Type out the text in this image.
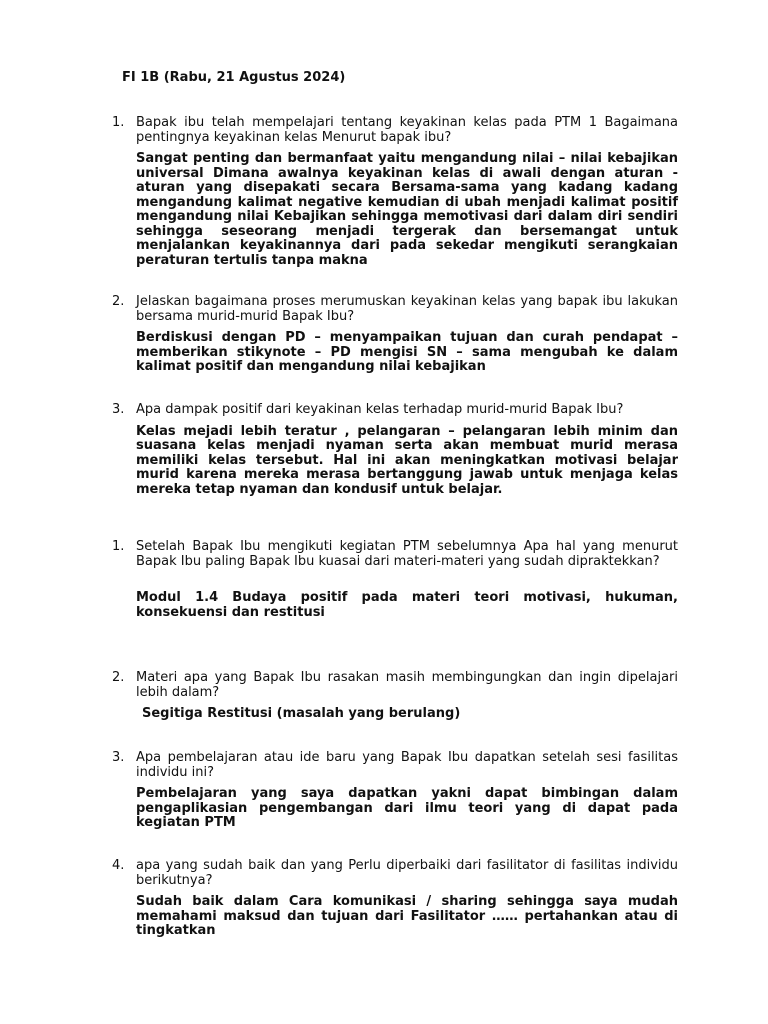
FI 1B (Rabu, 21 Agustus 2024)
1. Bapak ibu telah mempelajari tentang keyakinan kelas pada PTM 1 Bagaimana pentingnya keyakinan kelas Menurut bapak ibu?
Sangat penting dan bermanfaat yaitu mengandung nilai – nilai kebajikan universal Dimana awalnya keyakinan kelas di awali dengan aturan - aturan yang disepakati secara Bersama-sama yang kadang kadang mengandung kalimat negative kemudian di ubah menjadi kalimat positif mengandung nilai Kebajikan sehingga memotivasi dari dalam diri sendiri sehingga seseorang menjadi tergerak dan bersemangat untuk menjalankan keyakinannya dari pada sekedar mengikuti serangkaian peraturan tertulis tanpa makna
2. Jelaskan bagaimana proses merumuskan keyakinan kelas yang bapak ibu lakukan bersama murid-murid Bapak Ibu?
Berdiskusi dengan PD – menyampaikan tujuan dan curah pendapat – memberikan stikynote – PD mengisi SN – sama mengubah ke dalam kalimat positif dan mengandung nilai kebajikan
3. Apa dampak positif dari keyakinan kelas terhadap murid-murid Bapak Ibu?
Kelas mejadi lebih teratur , pelangaran – pelangaran lebih minim dan suasana kelas menjadi nyaman serta akan membuat murid merasa memiliki kelas tersebut. Hal ini akan meningkatkan motivasi belajar murid karena mereka merasa bertanggung jawab untuk menjaga kelas mereka tetap nyaman dan kondusif untuk belajar.
1. Setelah Bapak Ibu mengikuti kegiatan PTM sebelumnya Apa hal yang menurut Bapak Ibu paling Bapak Ibu kuasai dari materi-materi yang sudah dipraktekkan?
Modul 1.4 Budaya positif pada materi teori motivasi, hukuman, konsekuensi dan restitusi
2. Materi apa yang Bapak Ibu rasakan masih membingungkan dan ingin dipelajari lebih dalam?
Segitiga Restitusi (masalah yang berulang)
3. Apa pembelajaran atau ide baru yang Bapak Ibu dapatkan setelah sesi fasilitas individu ini?
Pembelajaran yang saya dapatkan yakni dapat bimbingan dalam pengaplikasian pengembangan dari ilmu teori yang di dapat pada kegiatan PTM
4. apa yang sudah baik dan yang Perlu diperbaiki dari fasilitator di fasilitas individu berikutnya?
Sudah baik dalam Cara komunikasi / sharing sehingga saya mudah memahami maksud dan tujuan dari Fasilitator …… pertahankan atau di tingkatkan
